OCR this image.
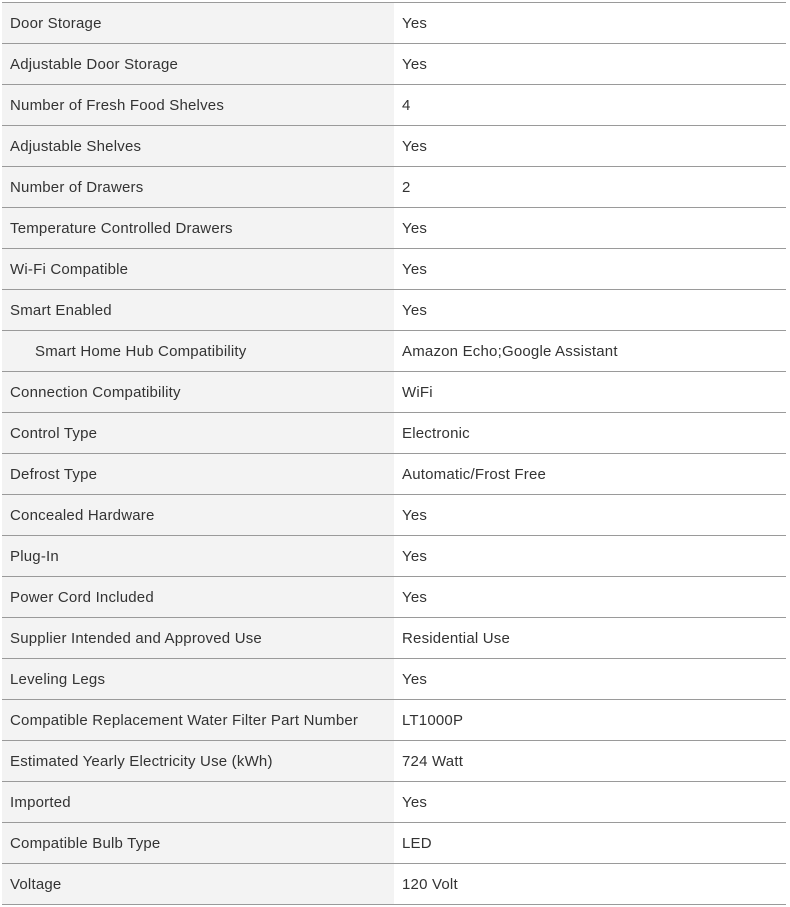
Door Storage	Yes
Adjustable Door Storage	Yes
Number of Fresh Food Shelves	4
Adjustable Shelves	Yes
Number of Drawers	2
Temperature Controlled Drawers	Yes
Wi-Fi Compatible	Yes
Smart Enabled	Yes
Smart Home Hub Compatibility	Amazon Echo;Google Assistant
Connection Compatibility	WiFi
Control Type	Electronic
Defrost Type	Automatic/Frost Free
Concealed Hardware	Yes
Plug-In	Yes
Power Cord Included	Yes
Supplier Intended and Approved Use	Residential Use
Leveling Legs	Yes
Compatible Replacement Water Filter Part Number	LT1000P
Estimated Yearly Electricity Use (kWh)	724 Watt
Imported	Yes
Compatible Bulb Type	LED
Voltage	120 Volt
